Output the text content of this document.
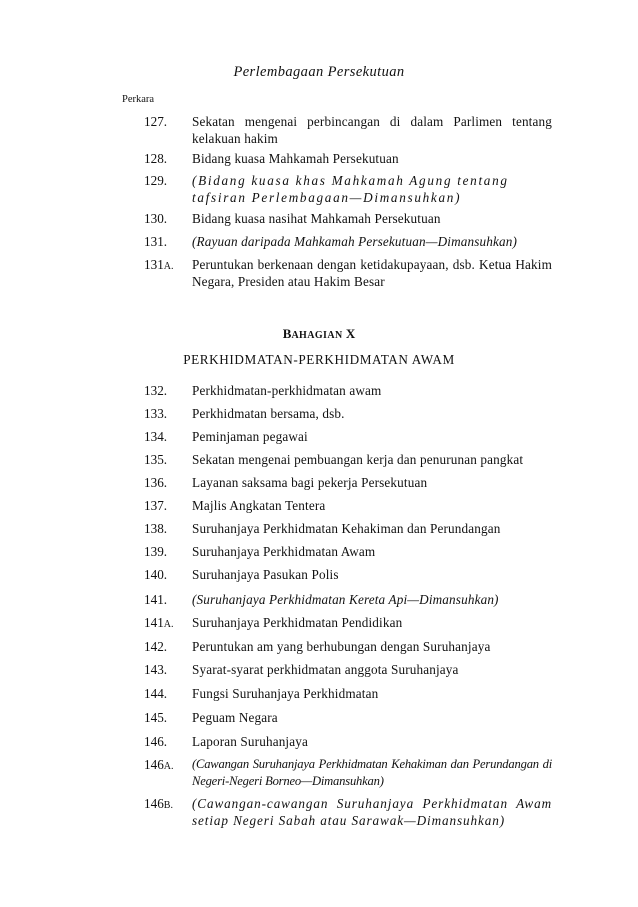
Perlembagaan Persekutuan
Perkara
127. Sekatan mengenai perbincangan di dalam Parlimen tentang kelakuan hakim
128. Bidang kuasa Mahkamah Persekutuan
129. (Bidang kuasa khas Mahkamah Agung tentang tafsiran Perlembagaan—Dimansuhkan)
130. Bidang kuasa nasihat Mahkamah Persekutuan
131. (Rayuan daripada Mahkamah Persekutuan—Dimansuhkan)
131A. Peruntukan berkenaan dengan ketidakupayaan, dsb. Ketua Hakim Negara, Presiden atau Hakim Besar
BAHAGIAN X
PERKHIDMATAN-PERKHIDMATAN AWAM
132. Perkhidmatan-perkhidmatan awam
133. Perkhidmatan bersama, dsb.
134. Peminjaman pegawai
135. Sekatan mengenai pembuangan kerja dan penurunan pangkat
136. Layanan saksama bagi pekerja Persekutuan
137. Majlis Angkatan Tentera
138. Suruhanjaya Perkhidmatan Kehakiman dan Perundangan
139. Suruhanjaya Perkhidmatan Awam
140. Suruhanjaya Pasukan Polis
141. (Suruhanjaya Perkhidmatan Kereta Api—Dimansuhkan)
141A. Suruhanjaya Perkhidmatan Pendidikan
142. Peruntukan am yang berhubungan dengan Suruhanjaya
143. Syarat-syarat perkhidmatan anggota Suruhanjaya
144. Fungsi Suruhanjaya Perkhidmatan
145. Peguam Negara
146. Laporan Suruhanjaya
146A. (Cawangan Suruhanjaya Perkhidmatan Kehakiman dan Perundangan di Negeri-Negeri Borneo—Dimansuhkan)
146B. (Cawangan-cawangan Suruhanjaya Perkhidmatan Awam setiap Negeri Sabah atau Sarawak—Dimansuhkan)
